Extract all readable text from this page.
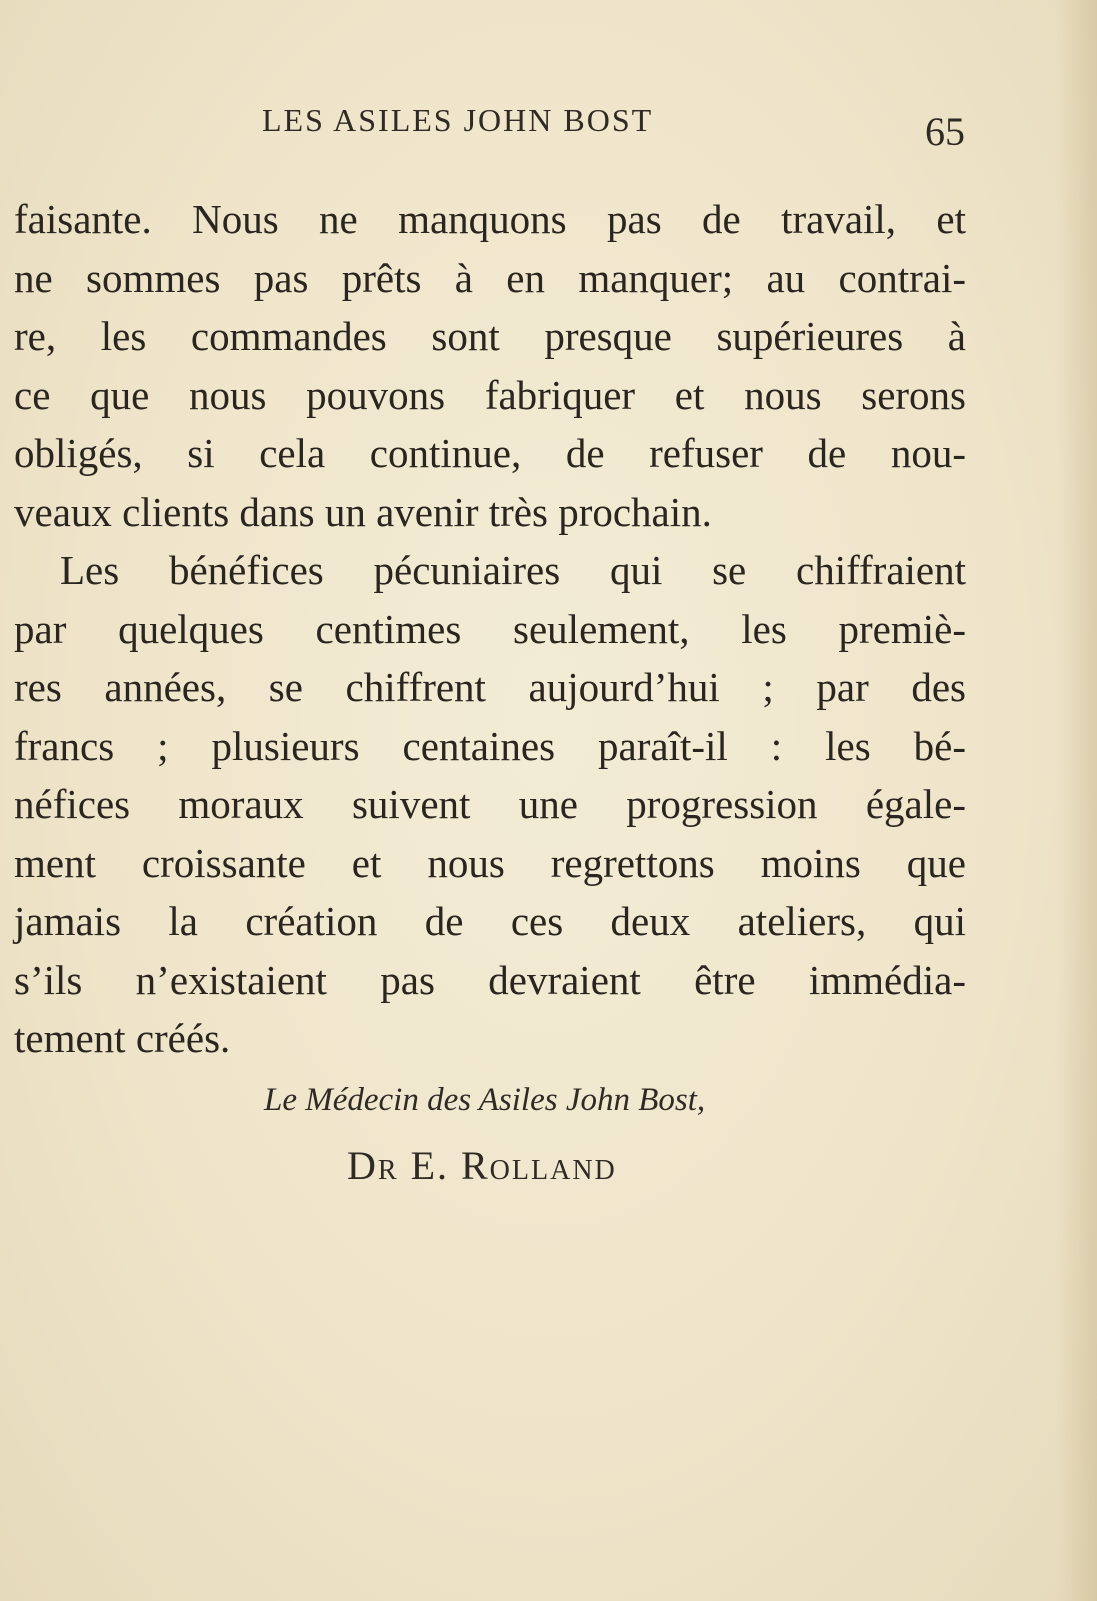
LES ASILES JOHN BOST	65
faisante. Nous ne manquons pas de travail, et
ne sommes pas prêts à en manquer; au contrai-
re, les commandes sont presque supérieures à
ce que nous pouvons fabriquer et nous serons
obligés, si cela continue, de refuser de nou-
veaux clients dans un avenir très prochain.
Les bénéfices pécuniaires qui se chiffraient
par quelques centimes seulement, les premiè-
res années, se chiffrent aujourd’hui ; par des
francs ; plusieurs centaines paraît-il : les bé-
néfices moraux suivent une progression égale-
ment croissante et nous regrettons moins que
jamais la création de ces deux ateliers, qui
s’ils n’existaient pas devraient être immédia-
tement créés.
Le Médecin des Asiles John Bost,
Dr E. Rolland
